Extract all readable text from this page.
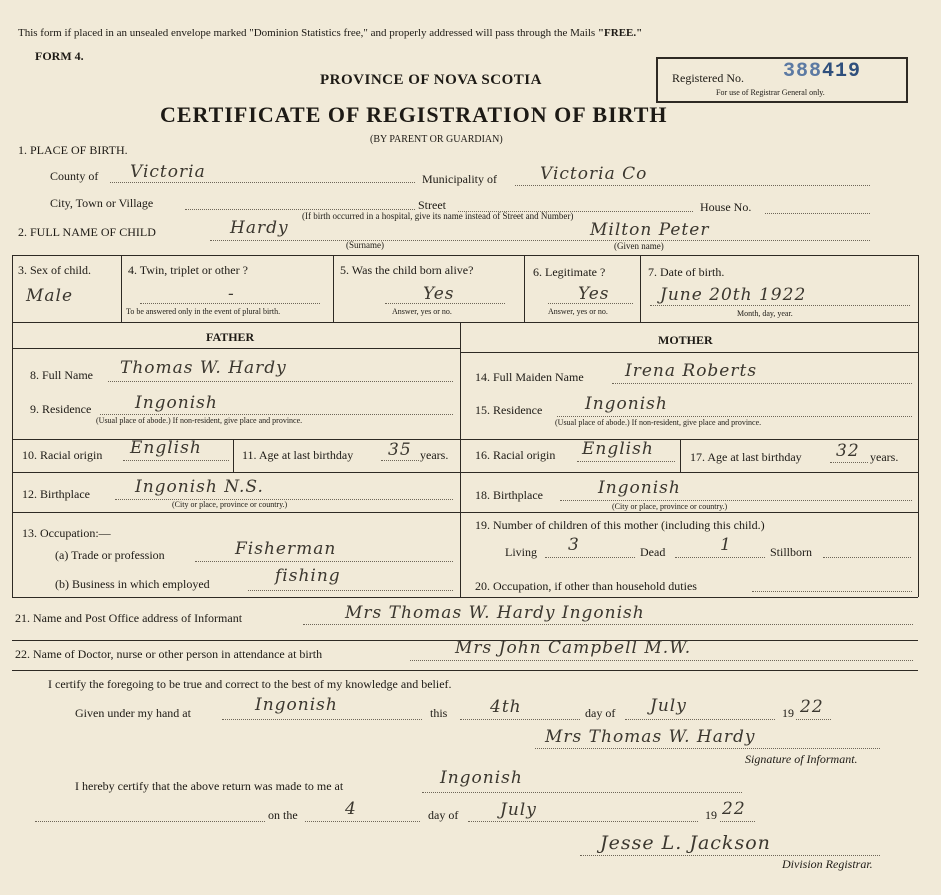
This form if placed in an unsealed envelope marked "Dominion Statistics free," and properly addressed will pass through the Mails "FREE."
FORM 4.
PROVINCE OF NOVA SCOTIA
CERTIFICATE OF REGISTRATION OF BIRTH
(BY PARENT OR GUARDIAN)
Registered No. 388419
For use of Registrar General only.
1. PLACE OF BIRTH.
County of Victoria	Municipality of	Victoria Co
City, Town or Village	Street	House No.
(If birth occurred in a hospital, give its name instead of Street and Number)
2. FULL NAME OF CHILD	Hardy
(Surname)
Milton Peter
(Given name)
3. Sex of child.
Male
4. Twin, triplet or other ?
-
To be answered only in the event of plural birth.
5. Was the child born alive?
Yes
Answer, yes or no.
6. Legitimate ?
Yes
Answer, yes or no.
7. Date of birth.
June 20th 1922
Month, day, year.
FATHER	MOTHER
8. Full Name Thomas W. Hardy
9. Residence	Ingonish
(Usual place of abode.) If non-resident, give place and province.
10. Racial origin English	11. Age at last birthday 35 years.
12. Birthplace	Ingonish N.S.
(City or place, province or country.)
13. Occupation:—
(a) Trade or profession	Fisherman
(b) Business in which employed	fishing
14. Full Maiden Name Irena Roberts
15. Residence	Ingonish
(Usual place of abode.) If non-resident, give place and province.
16. Racial origin English	17. Age at last birthday 32 years.
18. Birthplace	Ingonish
(City or place, province or country.)
19. Number of children of this mother (including this child.)
Living 3	Dead	1	Stillborn
20. Occupation, if other than household duties
21. Name and Post Office address of Informant	Mrs Thomas W. Hardy Ingonish
22. Name of Doctor, nurse or other person in attendance at birth	Mrs John Campbell M.W.
I certify the foregoing to be true and correct to the best of my knowledge and belief.
Given under my hand at	Ingonish	this	4th	day of July	19 22
Mrs Thomas W. Hardy
Signature of Informant.
I hereby certify that the above return was made to me at	Ingonish
on the	4	day of July	19 22
Jesse L. Jackson
Division Registrar.
